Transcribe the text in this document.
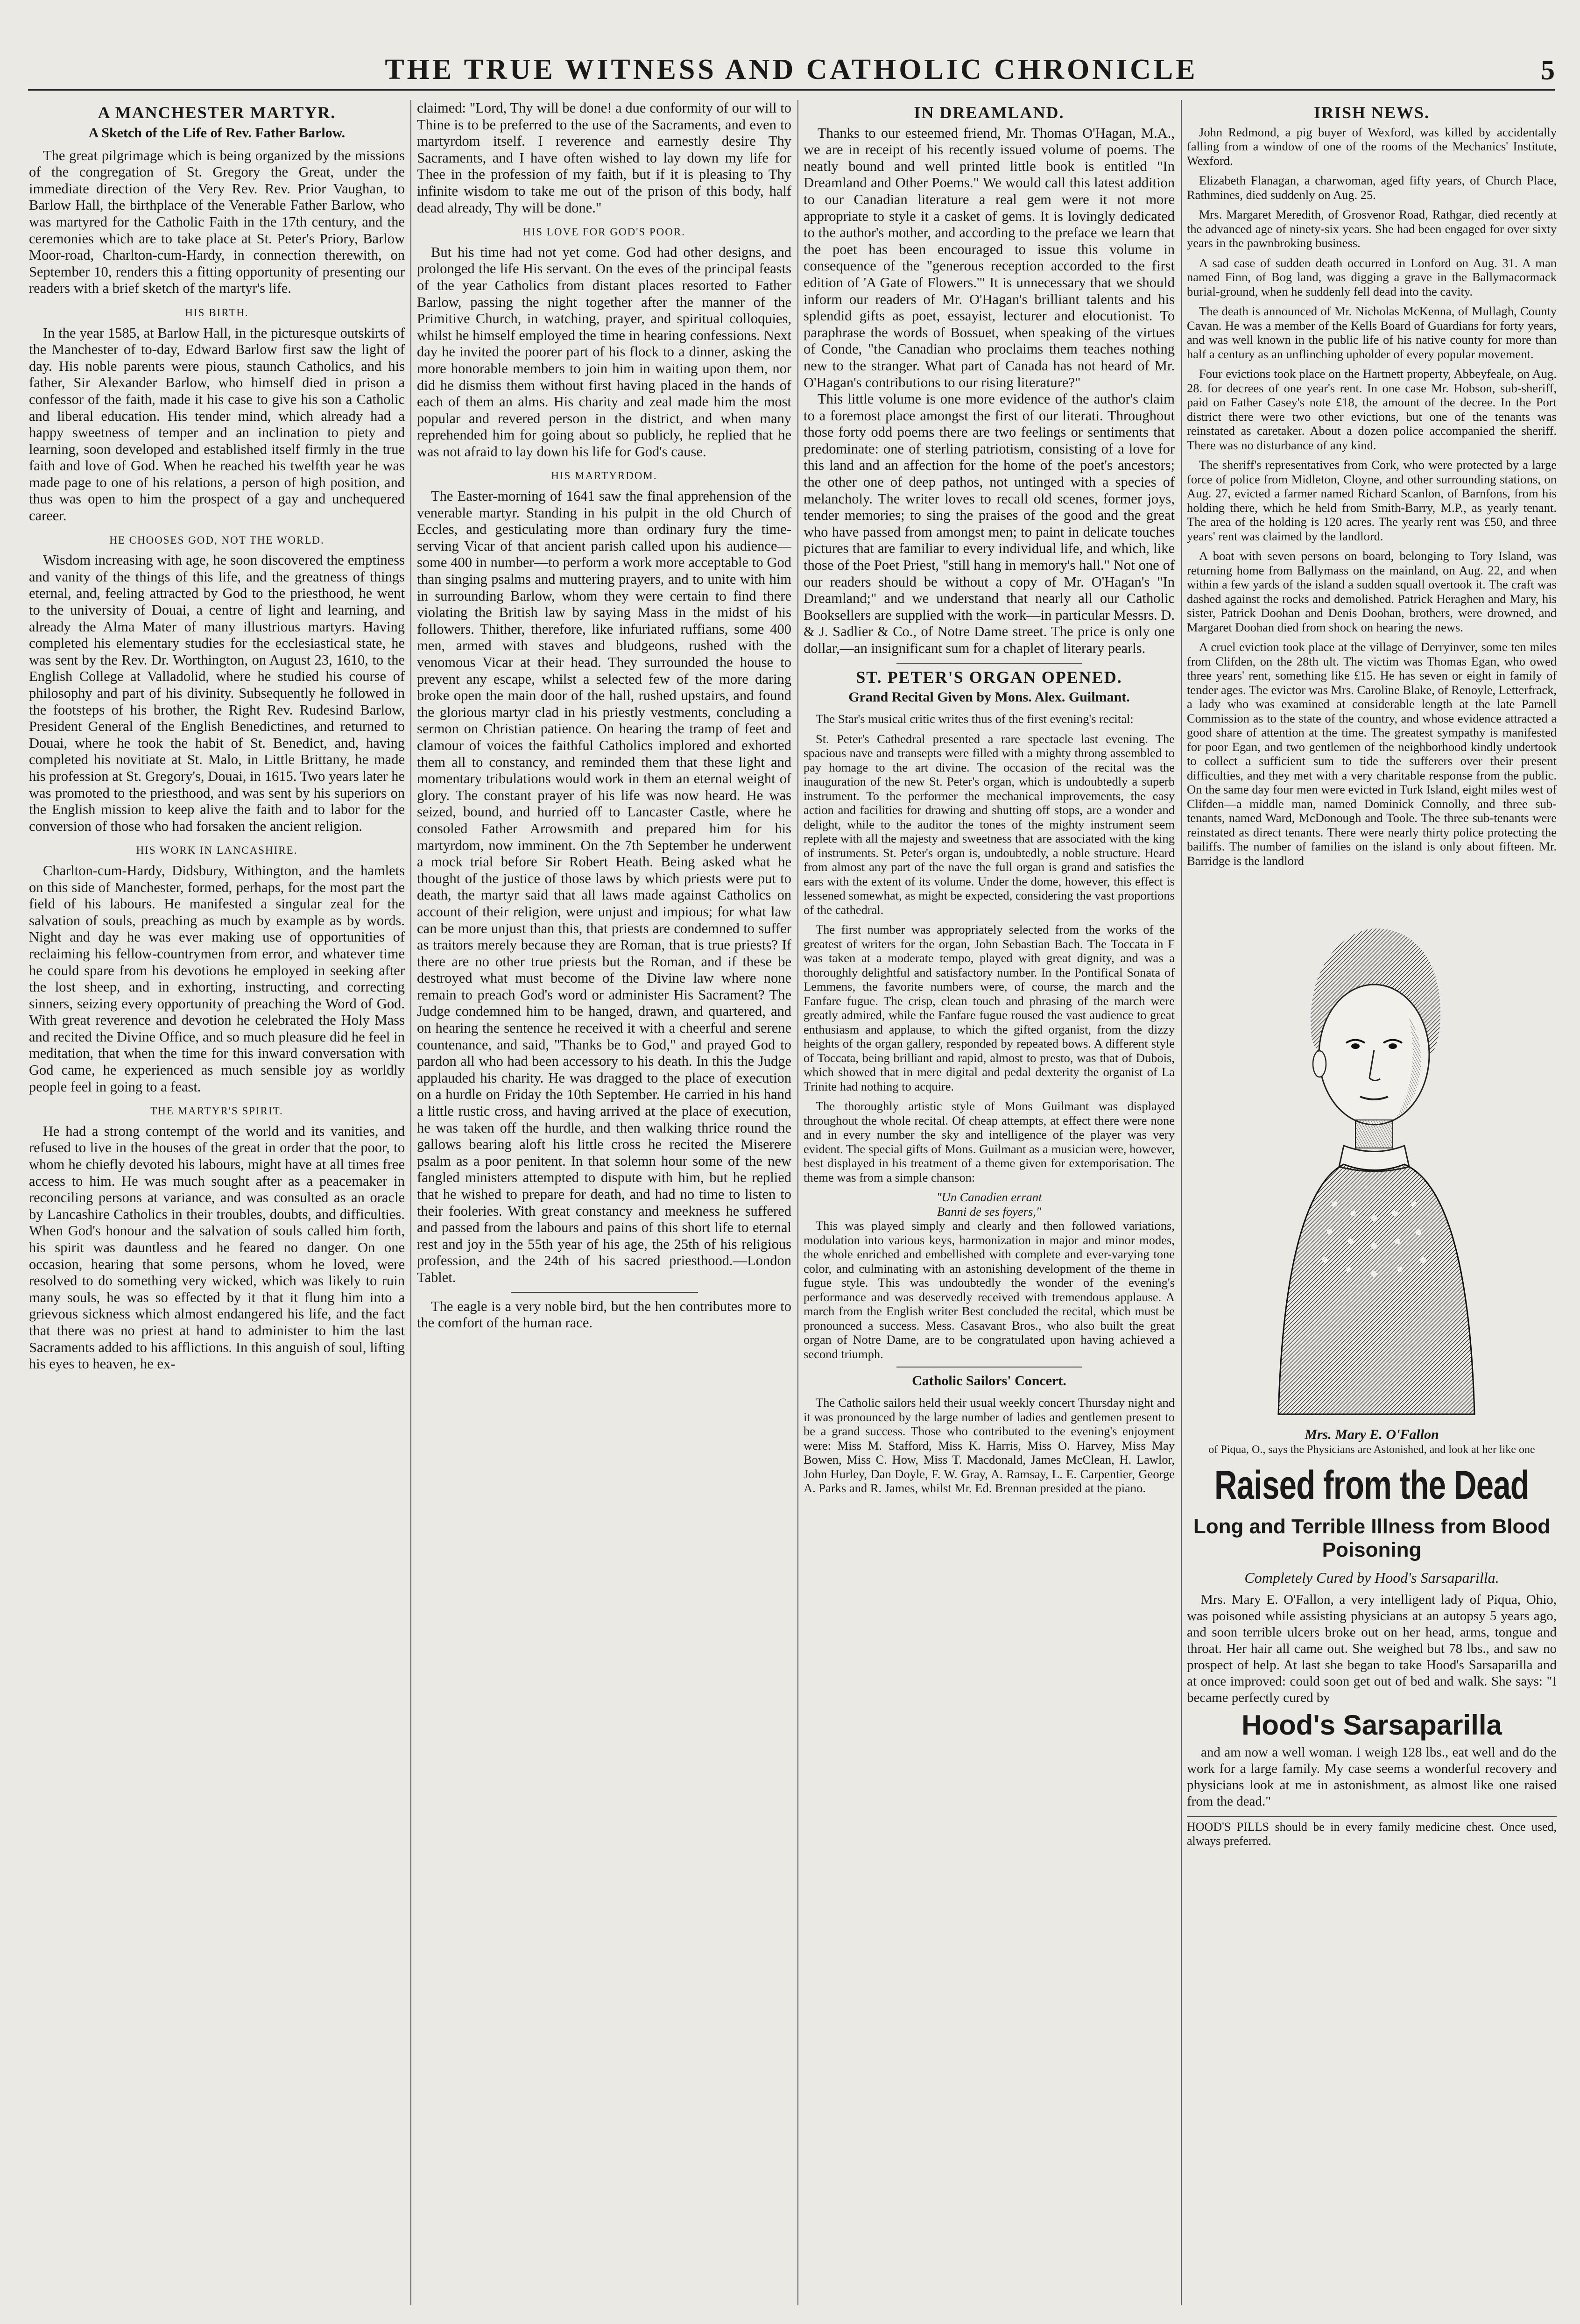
THE TRUE WITNESS AND CATHOLIC CHRONICLE	5

A MANCHESTER MARTYR.

A Sketch of the Life of Rev. Father Barlow.

The great pilgrimage which is being organized by the missions of the congregation of St. Gregory the Great, under the immediate direction of the Very Rev. Rev. Prior Vaughan, to Barlow Hall, the birthplace of the Venerable Father Barlow, who was martyred for the Catholic Faith in the 17th century, and the ceremonies which are to take place at St. Peter's Priory, Barlow Moor-road, Charlton-cum-Hardy, in connection therewith, on September 10, renders this a fitting opportunity of presenting our readers with a brief sketch of the martyr's life.

HIS BIRTH.

In the year 1585, at Barlow Hall, in the picturesque outskirts of the Manchester of to-day, Edward Barlow first saw the light of day. His noble parents were pious, staunch Catholics, and his father, Sir Alexander Barlow, who himself died in prison a confessor of the faith, made it his case to give his son a Catholic and liberal education. His tender mind, which already had a happy sweetness of temper and an inclination to piety and learning, soon developed and established itself firmly in the true faith and love of God. When he reached his twelfth year he was made page to one of his relations, a person of high position, and thus was open to him the prospect of a gay and unchequered career.

HE CHOOSES GOD, NOT THE WORLD.

Wisdom increasing with age, he soon discovered the emptiness and vanity of the things of this life, and the greatness of things eternal, and, feeling attracted by God to the priesthood, he went to the university of Douai, a centre of light and learning, and already the Alma Mater of many illustrious martyrs. Having completed his elementary studies for the ecclesiastical state, he was sent by the Rev. Dr. Worthington, on August 23, 1610, to the English College at Valladolid, where he studied his course of philosophy and part of his divinity. Subsequently he followed in the footsteps of his brother, the Right Rev. Rudesind Barlow, President General of the English Benedictines, and returned to Douai, where he took the habit of St. Benedict, and, having completed his novitiate at St. Malo, in Little Brittany, he made his profession at St. Gregory's, Douai, in 1615. Two years later he was promoted to the priesthood, and was sent by his superiors on the English mission to keep alive the faith and to labor for the conversion of those who had forsaken the ancient religion.

HIS WORK IN LANCASHIRE.

Charlton-cum-Hardy, Didsbury, Withington, and the hamlets on this side of Manchester, formed, perhaps, for the most part the field of his labours. He manifested a singular zeal for the salvation of souls, preaching as much by example as by words. Night and day he was ever making use of opportunities of reclaiming his fellow-countrymen from error, and whatever time he could spare from his devotions he employed in seeking after the lost sheep, and in exhorting, instructing, and correcting sinners, seizing every opportunity of preaching the Word of God. With great reverence and devotion he celebrated the Holy Mass and recited the Divine Office, and so much pleasure did he feel in meditation, that when the time for this inward conversation with God came, he experienced as much sensible joy as worldly people feel in going to a feast.

THE MARTYR'S SPIRIT.

He had a strong contempt of the world and its vanities, and refused to live in the houses of the great in order that the poor, to whom he chiefly devoted his labours, might have at all times free access to him. He was much sought after as a peacemaker in reconciling persons at variance, and was consulted as an oracle by Lancashire Catholics in their troubles, doubts, and difficulties. When God's honour and the salvation of souls called him forth, his spirit was dauntless and he feared no danger. On one occasion, hearing that some persons, whom he loved, were resolved to do something very wicked, which was likely to ruin many souls, he was so effected by it that it flung him into a grievous sickness which almost endangered his life, and the fact that there was no priest at hand to administer to him the last Sacraments added to his afflictions. In this anguish of soul, lifting his eyes to heaven, he ex-

claimed: "Lord, Thy will be done! a due conformity of our will to Thine is to be preferred to the use of the Sacraments, and even to martyrdom itself. I reverence and earnestly desire Thy Sacraments, and I have often wished to lay down my life for Thee in the profession of my faith, but if it is pleasing to Thy infinite wisdom to take me out of the prison of this body, half dead already, Thy will be done."

HIS LOVE FOR GOD'S POOR.

But his time had not yet come. God had other designs, and prolonged the life His servant. On the eves of the principal feasts of the year Catholics from distant places resorted to Father Barlow, passing the night together after the manner of the Primitive Church, in watching, prayer, and spiritual colloquies, whilst he himself employed the time in hearing confessions. Next day he invited the poorer part of his flock to a dinner, asking the more honorable members to join him in waiting upon them, nor did he dismiss them without first having placed in the hands of each of them an alms. His charity and zeal made him the most popular and revered person in the district, and when many reprehended him for going about so publicly, he replied that he was not afraid to lay down his life for God's cause.

HIS MARTYRDOM.

The Easter-morning of 1641 saw the final apprehension of the venerable martyr. Standing in his pulpit in the old Church of Eccles, and gesticulating more than ordinary fury the time-serving Vicar of that ancient parish called upon his audience—some 400 in number—to perform a work more acceptable to God than singing psalms and muttering prayers, and to unite with him in surrounding Barlow, whom they were certain to find there violating the British law by saying Mass in the midst of his followers. Thither, therefore, like infuriated ruffians, some 400 men, armed with staves and bludgeons, rushed with the venomous Vicar at their head. They surrounded the house to prevent any escape, whilst a selected few of the more daring broke open the main door of the hall, rushed upstairs, and found the glorious martyr clad in his priestly vestments, concluding a sermon on Christian patience. On hearing the tramp of feet and clamour of voices the faithful Catholics implored and exhorted them all to constancy, and reminded them that these light and momentary tribulations would work in them an eternal weight of glory. The constant prayer of his life was now heard. He was seized, bound, and hurried off to Lancaster Castle, where he consoled Father Arrowsmith and prepared him for his martyrdom, now imminent. On the 7th September he underwent a mock trial before Sir Robert Heath. Being asked what he thought of the justice of those laws by which priests were put to death, the martyr said that all laws made against Catholics on account of their religion, were unjust and impious; for what law can be more unjust than this, that priests are condemned to suffer as traitors merely because they are Roman, that is true priests? If there are no other true priests but the Roman, and if these be destroyed what must become of the Divine law where none remain to preach God's word or administer His Sacrament? The Judge condemned him to be hanged, drawn, and quartered, and on hearing the sentence he received it with a cheerful and serene countenance, and said, "Thanks be to God," and prayed God to pardon all who had been accessory to his death. In this the Judge applauded his charity. He was dragged to the place of execution on a hurdle on Friday the 10th September. He carried in his hand a little rustic cross, and having arrived at the place of execution, he was taken off the hurdle, and then walking thrice round the gallows bearing aloft his little cross he recited the Miserere psalm as a poor penitent. In that solemn hour some of the new fangled ministers attempted to dispute with him, but he replied that he wished to prepare for death, and had no time to listen to their fooleries. With great constancy and meekness he suffered and passed from the labours and pains of this short life to eternal rest and joy in the 55th year of his age, the 25th of his religious profession, and the 24th of his sacred priesthood.—London Tablet.

The eagle is a very noble bird, but the hen contributes more to the comfort of the human race.

IN DREAMLAND.

Thanks to our esteemed friend, Mr. Thomas O'Hagan, M.A., we are in receipt of his recently issued volume of poems. The neatly bound and well printed little book is entitled "In Dreamland and Other Poems." We would call this latest addition to our Canadian literature a real gem were it not more appropriate to style it a casket of gems. It is lovingly dedicated to the author's mother, and according to the preface we learn that the poet has been encouraged to issue this volume in consequence of the "generous reception accorded to the first edition of 'A Gate of Flowers.'" It is unnecessary that we should inform our readers of Mr. O'Hagan's brilliant talents and his splendid gifts as poet, essayist, lecturer and elocutionist. To paraphrase the words of Bossuet, when speaking of the virtues of Conde, "the Canadian who proclaims them teaches nothing new to the stranger. What part of Canada has not heard of Mr. O'Hagan's contributions to our rising literature?"

This little volume is one more evidence of the author's claim to a foremost place amongst the first of our literati. Throughout those forty odd poems there are two feelings or sentiments that predominate: one of sterling patriotism, consisting of a love for this land and an affection for the home of the poet's ancestors; the other one of deep pathos, not untinged with a species of melancholy. The writer loves to recall old scenes, former joys, tender memories; to sing the praises of the good and the great who have passed from amongst men; to paint in delicate touches pictures that are familiar to every individual life, and which, like those of the Poet Priest, "still hang in memory's hall." Not one of our readers should be without a copy of Mr. O'Hagan's "In Dreamland;" and we understand that nearly all our Catholic Booksellers are supplied with the work—in particular Messrs. D. & J. Sadlier & Co., of Notre Dame street. The price is only one dollar,—an insignificant sum for a chaplet of literary pearls.

ST. PETER'S ORGAN OPENED.

Grand Recital Given by Mons. Alex. Guilmant.

The Star's musical critic writes thus of the first evening's recital:

St. Peter's Cathedral presented a rare spectacle last evening. The spacious nave and transepts were filled with a mighty throng assembled to pay homage to the art divine. The occasion of the recital was the inauguration of the new St. Peter's organ, which is undoubtedly a superb instrument. To the performer the mechanical improvements, the easy action and facilities for drawing and shutting off stops, are a wonder and delight, while to the auditor the tones of the mighty instrument seem replete with all the majesty and sweetness that are associated with the king of instruments. St. Peter's organ is, undoubtedly, a noble structure. Heard from almost any part of the nave the full organ is grand and satisfies the ears with the extent of its volume. Under the dome, however, this effect is lessened somewhat, as might be expected, considering the vast proportions of the cathedral.

The first number was appropriately selected from the works of the greatest of writers for the organ, John Sebastian Bach. The Toccata in F was taken at a moderate tempo, played with great dignity, and was a thoroughly delightful and satisfactory number. In the Pontifical Sonata of Lemmens, the favorite numbers were, of course, the march and the Fanfare fugue. The crisp, clean touch and phrasing of the march were greatly admired, while the Fanfare fugue roused the vast audience to great enthusiasm and applause, to which the gifted organist, from the dizzy heights of the organ gallery, responded by repeated bows. A different style of Toccata, being brilliant and rapid, almost to presto, was that of Dubois, which showed that in mere digital and pedal dexterity the organist of La Trinite had nothing to acquire.

The thoroughly artistic style of Mons Guilmant was displayed throughout the whole recital. Of cheap attempts, at effect there were none and in every number the sky and intelligence of the player was very evident. The special gifts of Mons. Guilmant as a musician were, however, best displayed in his treatment of a theme given for extemporisation. The theme was from a simple chanson:

"Un Canadien errant

Banni de ses foyers,"

This was played simply and clearly and then followed variations, modulation into various keys, harmonization in major and minor modes, the whole enriched and embellished with complete and ever-varying tone color, and culminating with an astonishing development of the theme in fugue style. This was undoubtedly the wonder of the evening's performance and was deservedly received with tremendous applause. A march from the English writer Best concluded the recital, which must be pronounced a success. Mess. Casavant Bros., who also built the great organ of Notre Dame, are to be congratulated upon having achieved a second triumph.

Catholic Sailors' Concert.

The Catholic sailors held their usual weekly concert Thursday night and it was pronounced by the large number of ladies and gentlemen present to be a grand success. Those who contributed to the evening's enjoyment were: Miss M. Stafford, Miss K. Harris, Miss O. Harvey, Miss May Bowen, Miss C. How, Miss T. Macdonald, James McClean, H. Lawlor, John Hurley, Dan Doyle, F. W. Gray, A. Ramsay, L. E. Carpentier, George A. Parks and R. James, whilst Mr. Ed. Brennan presided at the piano.

IRISH NEWS.

John Redmond, a pig buyer of Wexford, was killed by accidentally falling from a window of one of the rooms of the Mechanics' Institute, Wexford.

Elizabeth Flanagan, a charwoman, aged fifty years, of Church Place, Rathmines, died suddenly on Aug. 25.

Mrs. Margaret Meredith, of Grosvenor Road, Rathgar, died recently at the advanced age of ninety-six years. She had been engaged for over sixty years in the pawnbroking business.

A sad case of sudden death occurred in Lonford on Aug. 31. A man named Finn, of Bog land, was digging a grave in the Ballymacormack burial-ground, when he suddenly fell dead into the cavity.

The death is announced of Mr. Nicholas McKenna, of Mullagh, County Cavan. He was a member of the Kells Board of Guardians for forty years, and was well known in the public life of his native county for more than half a century as an unflinching upholder of every popular movement.

Four evictions took place on the Hartnett property, Abbeyfeale, on Aug. 28. for decrees of one year's rent. In one case Mr. Hobson, sub-sheriff, paid on Father Casey's note £18, the amount of the decree. In the Port district there were two other evictions, but one of the tenants was reinstated as caretaker. About a dozen police accompanied the sheriff. There was no disturbance of any kind.

The sheriff's representatives from Cork, who were protected by a large force of police from Midleton, Cloyne, and other surrounding stations, on Aug. 27, evicted a farmer named Richard Scanlon, of Barnfons, from his holding there, which he held from Smith-Barry, M.P., as yearly tenant. The area of the holding is 120 acres. The yearly rent was £50, and three years' rent was claimed by the landlord.

A boat with seven persons on board, belonging to Tory Island, was returning home from Ballymass on the mainland, on Aug. 22, and when within a few yards of the island a sudden squall overtook it. The craft was dashed against the rocks and demolished. Patrick Heraghen and Mary, his sister, Patrick Doohan and Denis Doohan, brothers, were drowned, and Margaret Doohan died from shock on hearing the news.

A cruel eviction took place at the village of Derryinver, some ten miles from Clifden, on the 28th ult. The victim was Thomas Egan, who owed three years' rent, something like £15. He has seven or eight in family of tender ages. The evictor was Mrs. Caroline Blake, of Renoyle, Letterfrack, a lady who was examined at considerable length at the late Parnell Commission as to the state of the country, and whose evidence attracted a good share of attention at the time. The greatest sympathy is manifested for poor Egan, and two gentlemen of the neighborhood kindly undertook to collect a sufficient sum to tide the sufferers over their present difficulties, and they met with a very charitable response from the public. On the same day four men were evicted in Turk Island, eight miles west of Clifden—a middle man, named Dominick Connolly, and three sub-tenants, named Ward, McDonough and Toole. The three sub-tenants were reinstated as direct tenants. There were nearly thirty police protecting the bailiffs. The number of families on the island is only about fifteen. Mr. Barridge is the landlord

Mrs. Mary E. O'Fallon

of Piqua, O., says the Physicians are Astonished, and look at her like one

Raised from the Dead

Long and Terrible Illness from Blood Poisoning

Completely Cured by Hood's Sarsaparilla.

Mrs. Mary E. O'Fallon, a very intelligent lady of Piqua, Ohio, was poisoned while assisting physicians at an autopsy 5 years ago, and soon terrible ulcers broke out on her head, arms, tongue and throat. Her hair all came out. She weighed but 78 lbs., and saw no prospect of help. At last she began to take Hood's Sarsaparilla and at once improved: could soon get out of bed and walk. She says: "I became perfectly cured by

Hood's Sarsaparilla

and am now a well woman. I weigh 128 lbs., eat well and do the work for a large family. My case seems a wonderful recovery and physicians look at me in astonishment, as almost like one raised from the dead."

HOOD'S PILLS should be in every family medicine chest. Once used, always preferred.
